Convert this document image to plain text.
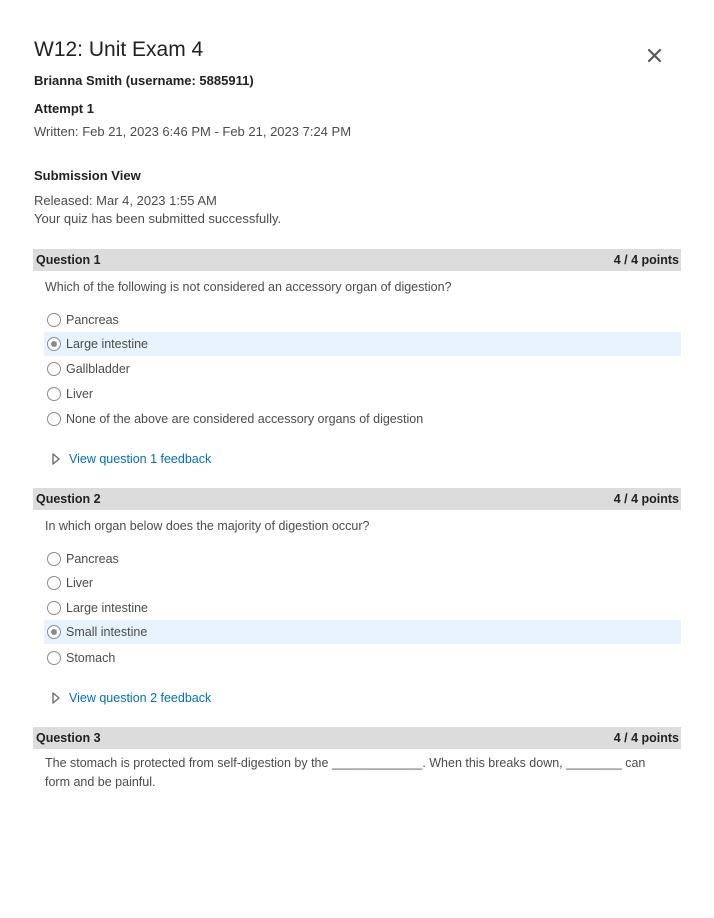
W12: Unit Exam 4
Brianna Smith (username: 5885911)
Attempt 1
Written: Feb 21, 2023 6:46 PM - Feb 21, 2023 7:24 PM
Submission View
Released: Mar 4, 2023 1:55 AM
Your quiz has been submitted successfully.
Question 1	4 / 4 points
Which of the following is not considered an accessory organ of digestion?
Pancreas
Large intestine
Gallbladder
Liver
None of the above are considered accessory organs of digestion
View question 1 feedback
Question 2	4 / 4 points
In which organ below does the majority of digestion occur?
Pancreas
Liver
Large intestine
Small intestine
Stomach
View question 2 feedback
Question 3	4 / 4 points
The stomach is protected from self-digestion by the _____________. When this breaks down, ________ can form and be painful.
